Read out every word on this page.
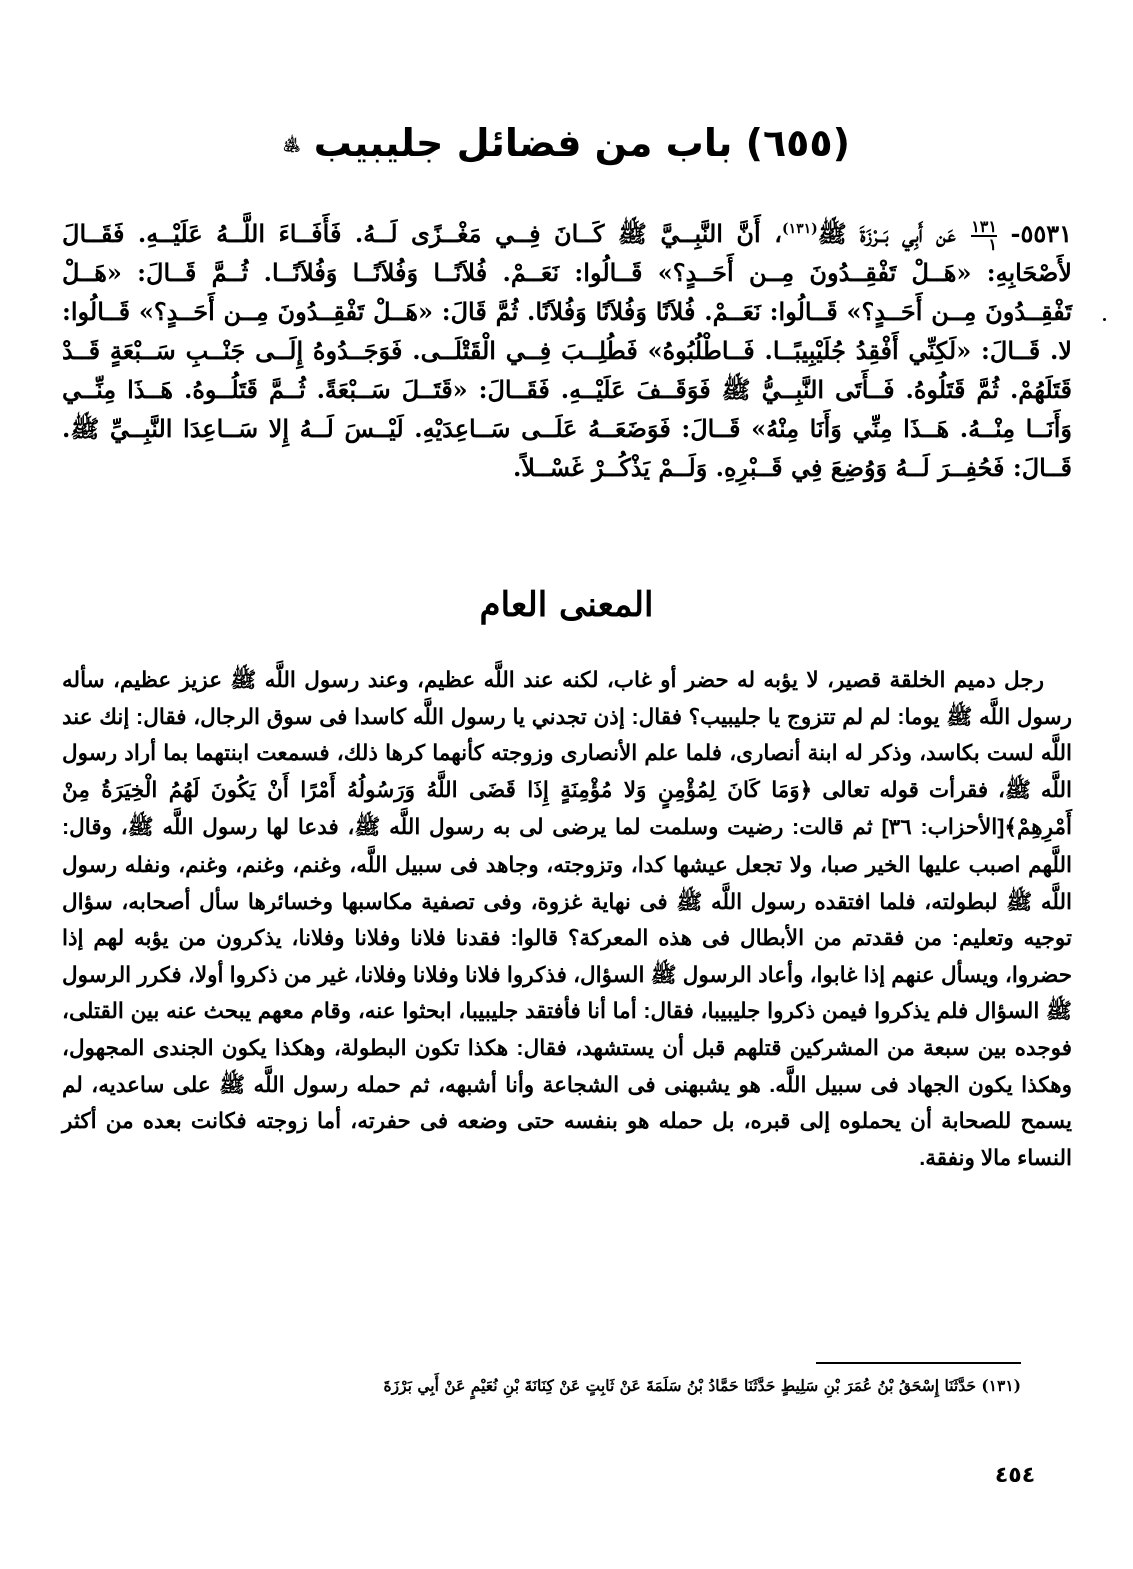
(٦٥٥) باب من فضائل جليبيب ﵁
٥٥٣١-
$\frac{١٣١}{١}$
عَن أَبِي بَــرْزَةَ ﷺ$^{(١٣١)}$، أَنَّ النَّبِــيَّ ﷺ كَــانَ فِــي مَغْــزًى لَــهُ. فَأَفَــاءَ اللَّــهُ عَلَيْــهِ. فَقَــالَ لأَصْحَابِهِ: «هَــلْ تَفْقِــدُونَ مِــن أَحَــدٍ؟» قَــالُوا: نَعَــمْ. فُلاَنًــا وَفُلاَنًــا وَفُلاَنًــا. ثُــمَّ قَــالَ: «هَــلْ تَفْقِــدُونَ مِــن أَحَــدٍ؟» قَــالُوا: نَعَــمْ. فُلاَنًا وَفُلاَنًا وَفُلاَنًا. ثُمَّ قَالَ: «هَــلْ تَفْقِــدُونَ مِــن أَحَــدٍ؟» قَــالُوا: لا. قَــالَ: «لَكِنِّي أَفْقِدُ جُلَيْبِيبًــا. فَــاطْلُبُوهُ» فَطُلِــبَ فِــي الْقَتْلَــى. فَوَجَــدُوهُ إِلَــى جَنْــبِ سَــبْعَةٍ قَــدْ قَتَلَهُمْ. ثُمَّ قَتَلُوهُ. فَــأَتَى النَّبِــيُّ ﷺ فَوَقَــفَ عَلَيْــهِ. فَقَــالَ: «قَتَــلَ سَــبْعَةً. ثُــمَّ قَتَلُــوهُ. هَــذَا مِنِّــي وَأَنَــا مِنْــهُ. هَــذَا مِنِّي وَأَنَا مِنْهُ» قَــالَ: فَوَضَعَــهُ عَلَــى سَــاعِدَيْهِ. لَيْــسَ لَــهُ إِلا سَــاعِدَا النَّبِــيِّ ﷺ. قَــالَ: فَحُفِــرَ لَــهُ وَوُضِعَ فِي قَــبْرِهِ. وَلَــمْ يَذْكُــرْ غَسْــلاً.
المعنى العام

رجل دميم الخلقة قصير، لا يؤبه له حضر أو غاب، لكنه عند اللَّه عظيم، وعند رسول اللَّه ﷺ عزيز عظيم، سأله رسول اللَّه ﷺ يوما: لم لم تتزوج يا جليبيب؟ فقال: إذن تجدني يا رسول اللَّه كاسدا فى سوق الرجال، فقال: إنك عند اللَّه لست بكاسد، وذكر له ابنة أنصارى، فلما علم الأنصارى وزوجته كأنهما كرها ذلك، فسمعت ابنتهما بما أراد رسول اللَّه ﷺ، فقرأت قوله تعالى ﴿وَمَا كَانَ لِمُؤْمِنٍ وَلا مُؤْمِنَةٍ إِذَا قَضَى اللَّهُ وَرَسُولُهُ أَمْرًا أَنْ يَكُونَ لَهُمُ الْخِيَرَةُ مِنْ أَمْرِهِمْ﴾[الأحزاب: ٣٦] ثم قالت: رضيت وسلمت لما يرضى لى به رسول اللَّه ﷺ، فدعا لها رسول اللَّه ﷺ، وقال: اللَّهم اصبب عليها الخير صبا، ولا تجعل عيشها كدا، وتزوجته، وجاهد فى سبيل اللَّه، وغنم، وغنم، وغنم، ونفله رسول اللَّه ﷺ لبطولته، فلما افتقده رسول اللَّه ﷺ فى نهاية غزوة، وفى تصفية مكاسبها وخسائرها سأل أصحابه، سؤال توجيه وتعليم: من فقدتم من الأبطال فى هذه المعركة؟ قالوا: فقدنا فلانا وفلانا وفلانا، يذكرون من يؤبه لهم إذا حضروا، ويسأل عنهم إذا غابوا، وأعاد الرسول ﷺ السؤال، فذكروا فلانا وفلانا وفلانا، غير من ذكروا أولا، فكرر الرسول ﷺ السؤال فلم يذكروا فيمن ذكروا جليبيبا، فقال: أما أنا فأفتقد جليبيبا، ابحثوا عنه، وقام معهم يبحث عنه بين القتلى، فوجده بين سبعة من المشركين قتلهم قبل أن يستشهد، فقال: هكذا تكون البطولة، وهكذا يكون الجندى المجهول، وهكذا يكون الجهاد فى سبيل اللَّه. هو يشبهنى فى الشجاعة وأنا أشبهه، ثم حمله رسول اللَّه ﷺ على ساعديه، لم يسمح للصحابة أن يحملوه إلى قبره، بل حمله هو بنفسه حتى وضعه فى حفرته، أما زوجته فكانت بعده من أكثر النساء مالا ونفقة.

(١٣١) حَدَّثَنَا إِسْحَقُ بْنُ عُمَرَ بْنِ سَلِيطٍ حَدَّثَنَا حَمَّادُ بْنُ سَلَمَةَ عَنْ ثَابِتٍ عَنْ كِنَانَةَ بْنِ نُعَيْمٍ عَنْ أَبِي بَرْزَةَ
٤٥٤
